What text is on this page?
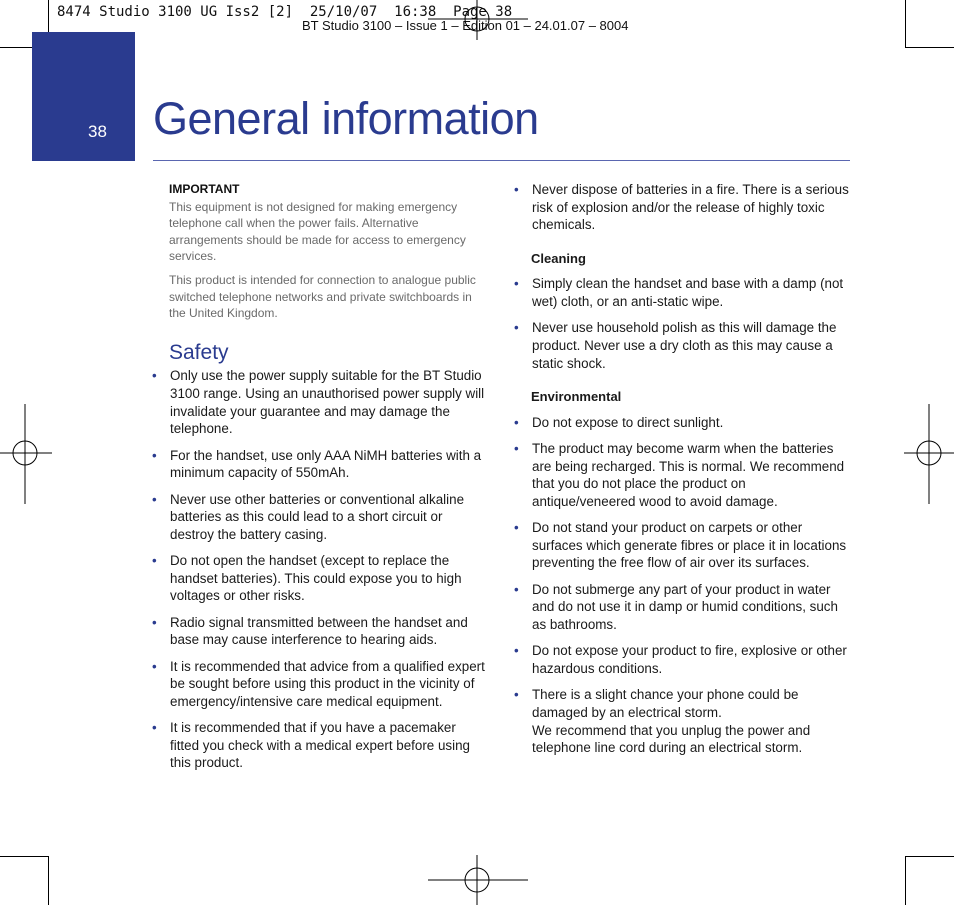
BT Studio 3100 – Issue 1 – Edition 01 – 24.01.07 – 8004
8474 Studio 3100 UG Iss2 [2]  25/10/07  16:38  Page 38
38 General information
IMPORTANT
This equipment is not designed for making emergency telephone call when the power fails. Alternative arrangements should be made for access to emergency services.
This product is intended for connection to analogue public switched telephone networks and private switchboards in the United Kingdom.
Safety
• Only use the power supply suitable for the BT Studio 3100 range. Using an unauthorised power supply will invalidate your guarantee and may damage the telephone.
• For the handset, use only AAA NiMH batteries with a minimum capacity of 550mAh.
• Never use other batteries or conventional alkaline batteries as this could lead to a short circuit or destroy the battery casing.
• Do not open the handset (except to replace the handset batteries). This could expose you to high voltages or other risks.
• Radio signal transmitted between the handset and base may cause interference to hearing aids.
• It is recommended that advice from a qualified expert be sought before using this product in the vicinity of emergency/intensive care medical equipment.
• It is recommended that if you have a pacemaker fitted you check with a medical expert before using this product.
• Never dispose of batteries in a fire. There is a serious risk of explosion and/or the release of highly toxic chemicals.
Cleaning
• Simply clean the handset and base with a damp (not wet) cloth, or an anti-static wipe.
• Never use household polish as this will damage the product. Never use a dry cloth as this may cause a static shock.
Environmental
• Do not expose to direct sunlight.
• The product may become warm when the batteries are being recharged. This is normal. We recommend that you do not place the product on antique/veneered wood to avoid damage.
• Do not stand your product on carpets or other surfaces which generate fibres or place it in locations preventing the free flow of air over its surfaces.
• Do not submerge any part of your product in water and do not use it in damp or humid conditions, such as bathrooms.
• Do not expose your product to fire, explosive or other hazardous conditions.
• There is a slight chance your phone could be damaged by an electrical storm.
We recommend that you unplug the power and telephone line cord during an electrical storm.
